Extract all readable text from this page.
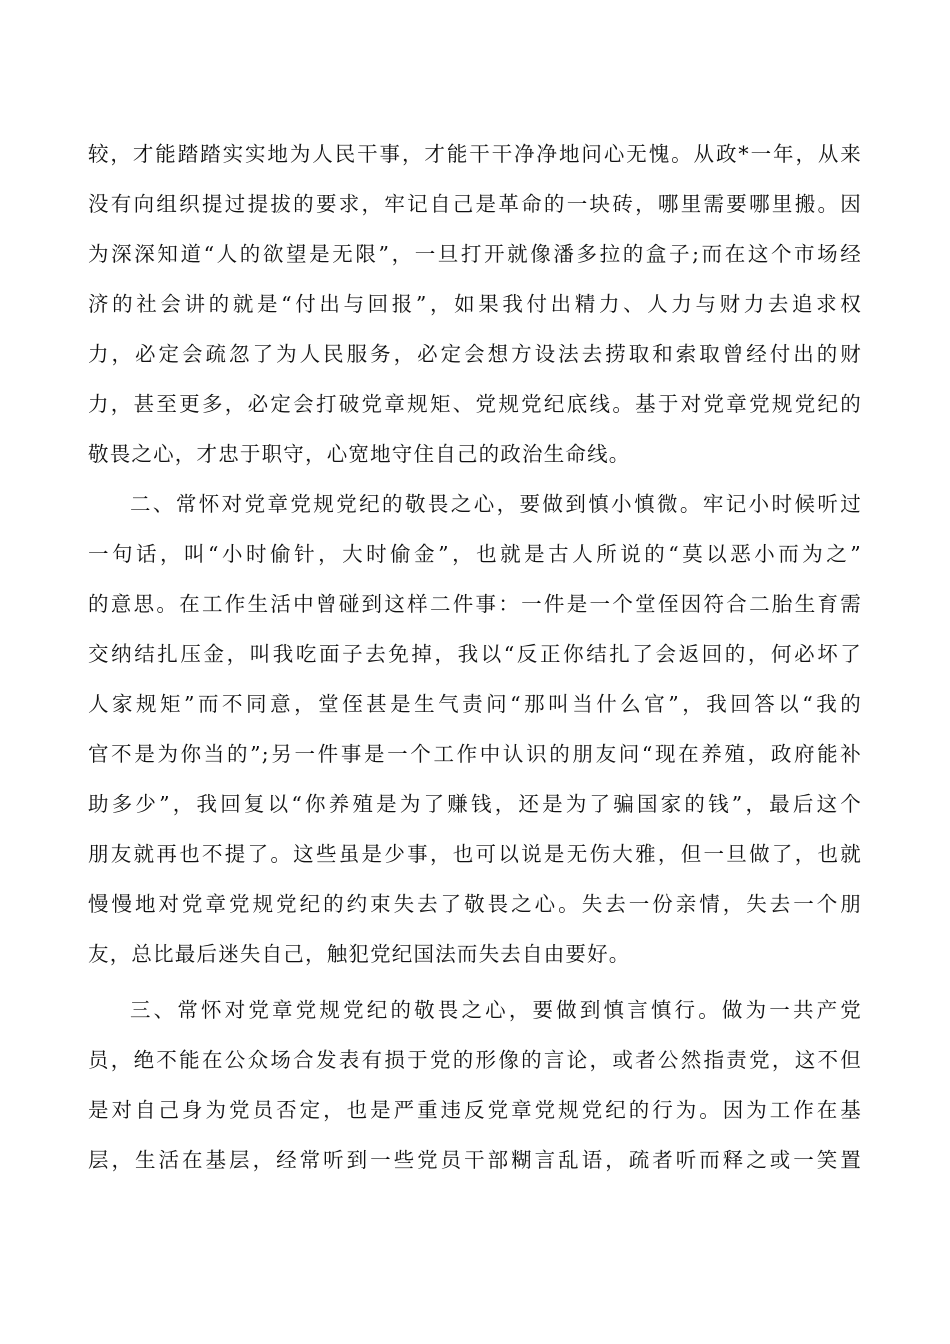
较，才能踏踏实实地为人民干事，才能干干净净地问心无愧。从政*一年，从来
没有向组织提过提拔的要求，牢记自己是革命的一块砖，哪里需要哪里搬。因
为深深知道“人的欲望是无限”，一旦打开就像潘多拉的盒子;而在这个市场经
济的社会讲的就是“付出与回报”，如果我付出精力、人力与财力去追求权
力，必定会疏忽了为人民服务，必定会想方设法去捞取和索取曾经付出的财
力，甚至更多，必定会打破党章规矩、党规党纪底线。基于对党章党规党纪的
敬畏之心，才忠于职守，心宽地守住自己的政治生命线。
二、常怀对党章党规党纪的敬畏之心，要做到慎小慎微。牢记小时候听过
一句话，叫“小时偷针，大时偷金”，也就是古人所说的“莫以恶小而为之”
的意思。在工作生活中曾碰到这样二件事：一件是一个堂侄因符合二胎生育需
交纳结扎压金，叫我吃面子去免掉，我以“反正你结扎了会返回的，何必坏了
人家规矩”而不同意，堂侄甚是生气责问“那叫当什么官”，我回答以“我的
官不是为你当的”;另一件事是一个工作中认识的朋友问“现在养殖，政府能补
助多少”，我回复以“你养殖是为了赚钱，还是为了骗国家的钱”，最后这个
朋友就再也不提了。这些虽是少事，也可以说是无伤大雅，但一旦做了，也就
慢慢地对党章党规党纪的约束失去了敬畏之心。失去一份亲情，失去一个朋
友，总比最后迷失自己，触犯党纪国法而失去自由要好。
三、常怀对党章党规党纪的敬畏之心，要做到慎言慎行。做为一共产党
员，绝不能在公众场合发表有损于党的形像的言论，或者公然指责党，这不但
是对自己身为党员否定，也是严重违反党章党规党纪的行为。因为工作在基
层，生活在基层，经常听到一些党员干部糊言乱语，疏者听而释之或一笑置
